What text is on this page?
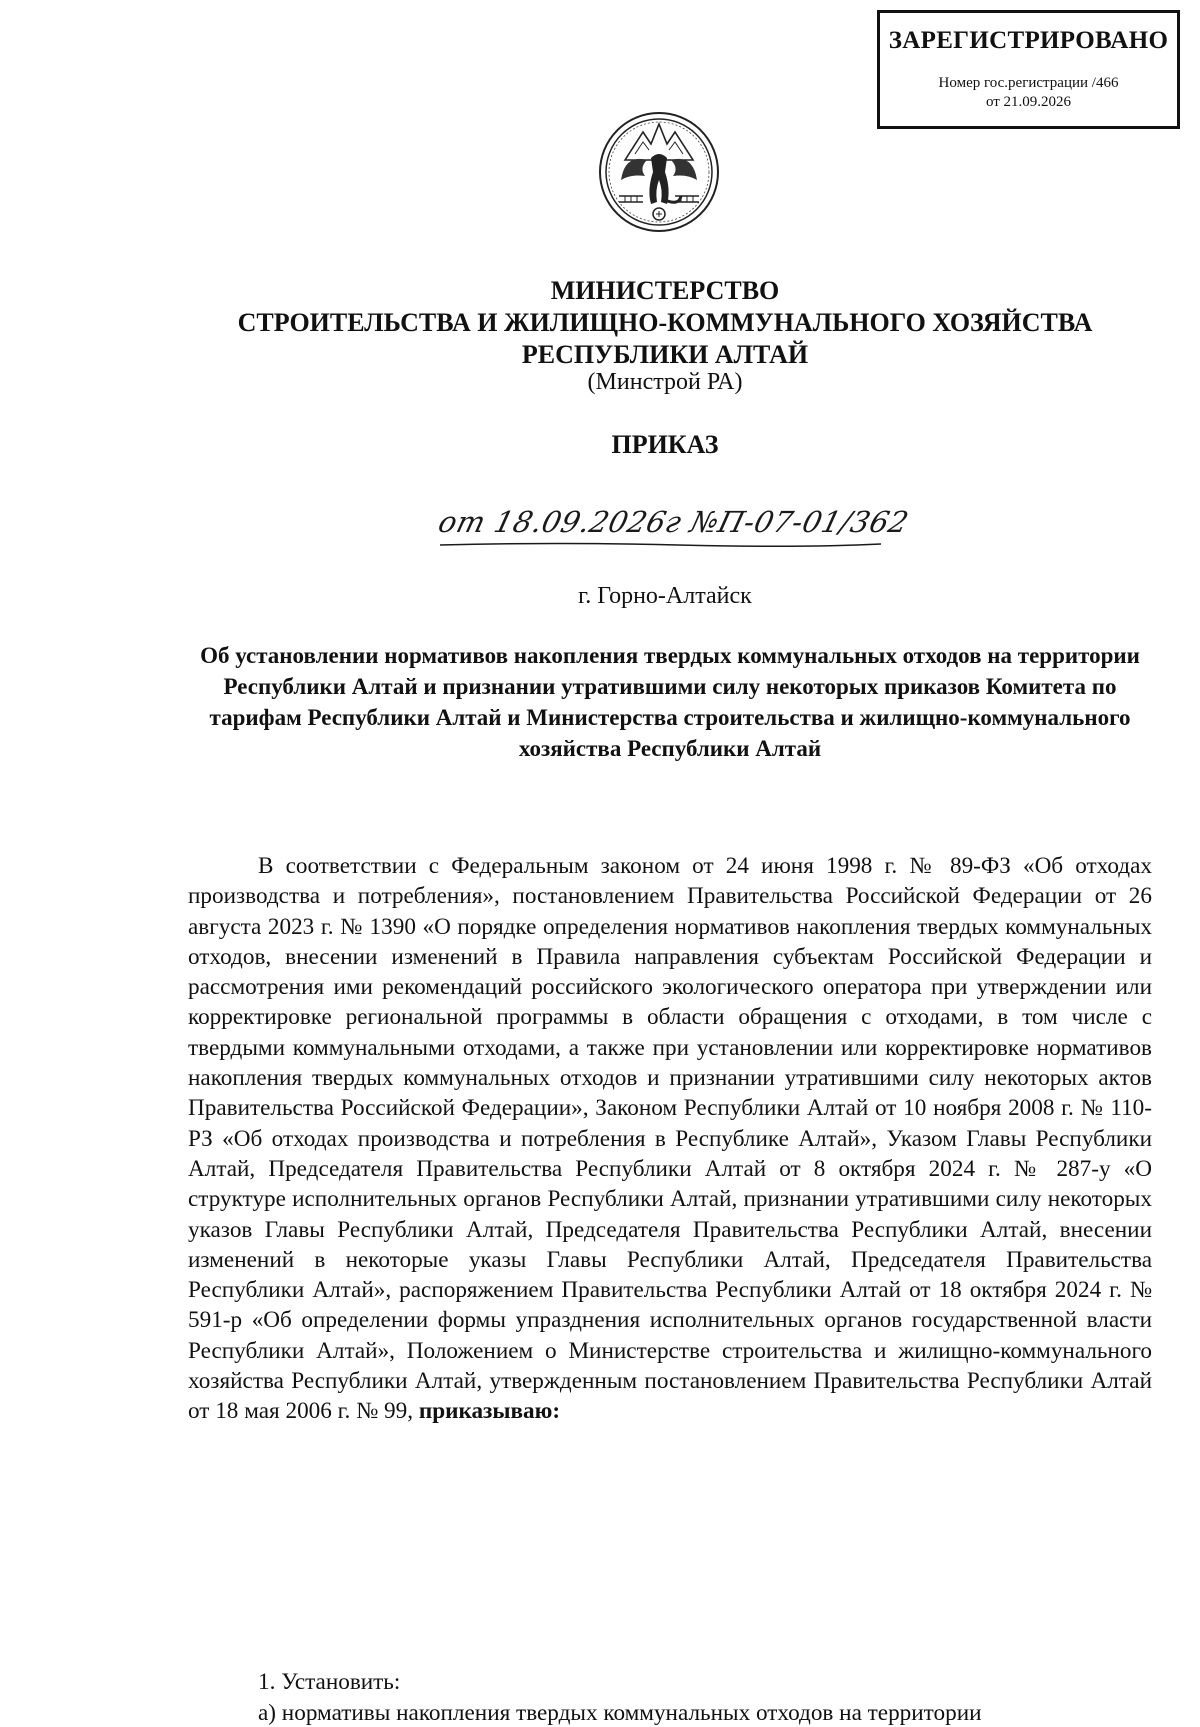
ЗАРЕГИСТРИРОВАНО
Номер гос.регистрации /466
от 21.09.2026

МИНИСТЕРСТВО

СТРОИТЕЛЬСТВА И ЖИЛИЩНО-КОММУНАЛЬНОГО ХОЗЯЙСТВА

РЕСПУБЛИКИ АЛТАЙ

(Минстрой РА)

ПРИКАЗ

от 18.09.2026г №П-07-01/362

г. Горно-Алтайск

Об установлении нормативов накопления твердых коммунальных отходов на территории Республики Алтай и признании утратившими силу некоторых приказов Комитета по тарифам Республики Алтай и Министерства строительства и жилищно-коммунального хозяйства Республики Алтай

В соответствии с Федеральным законом от 24 июня 1998 г. № 89-ФЗ «Об отходах производства и потребления», постановлением Правительства Российской Федерации от 26 августа 2023 г. № 1390 «О порядке определения нормативов накопления твердых коммунальных отходов, внесении изменений в Правила направления субъектам Российской Федерации и рассмотрения ими рекомендаций российского экологического оператора при утверждении или корректировке региональной программы в области обращения с отходами, в том числе с твердыми коммунальными отходами, а также при установлении или корректировке нормативов накопления твердых коммунальных отходов и признании утратившими силу некоторых актов Правительства Российской Федерации», Законом Республики Алтай от 10 ноября 2008 г. № 110-РЗ «Об отходах производства и потребления в Республике Алтай», Указом Главы Республики Алтай, Председателя Правительства Республики Алтай от 8 октября 2024 г. № 287-у «О структуре исполнительных органов Республики Алтай, признании утратившими силу некоторых указов Главы Республики Алтай, Председателя Правительства Республики Алтай, внесении изменений в некоторые указы Главы Республики Алтай, Председателя Правительства Республики Алтай», распоряжением Правительства Республики Алтай от 18 октября 2024 г. № 591-р «Об определении формы упразднения исполнительных органов государственной власти Республики Алтай», Положением о Министерстве строительства и жилищно-коммунального хозяйства Республики Алтай, утвержденным постановлением Правительства Республики Алтай от 18 мая 2006 г. № 99, приказываю:

1. Установить:

а) нормативы накопления твердых коммунальных отходов на территории
